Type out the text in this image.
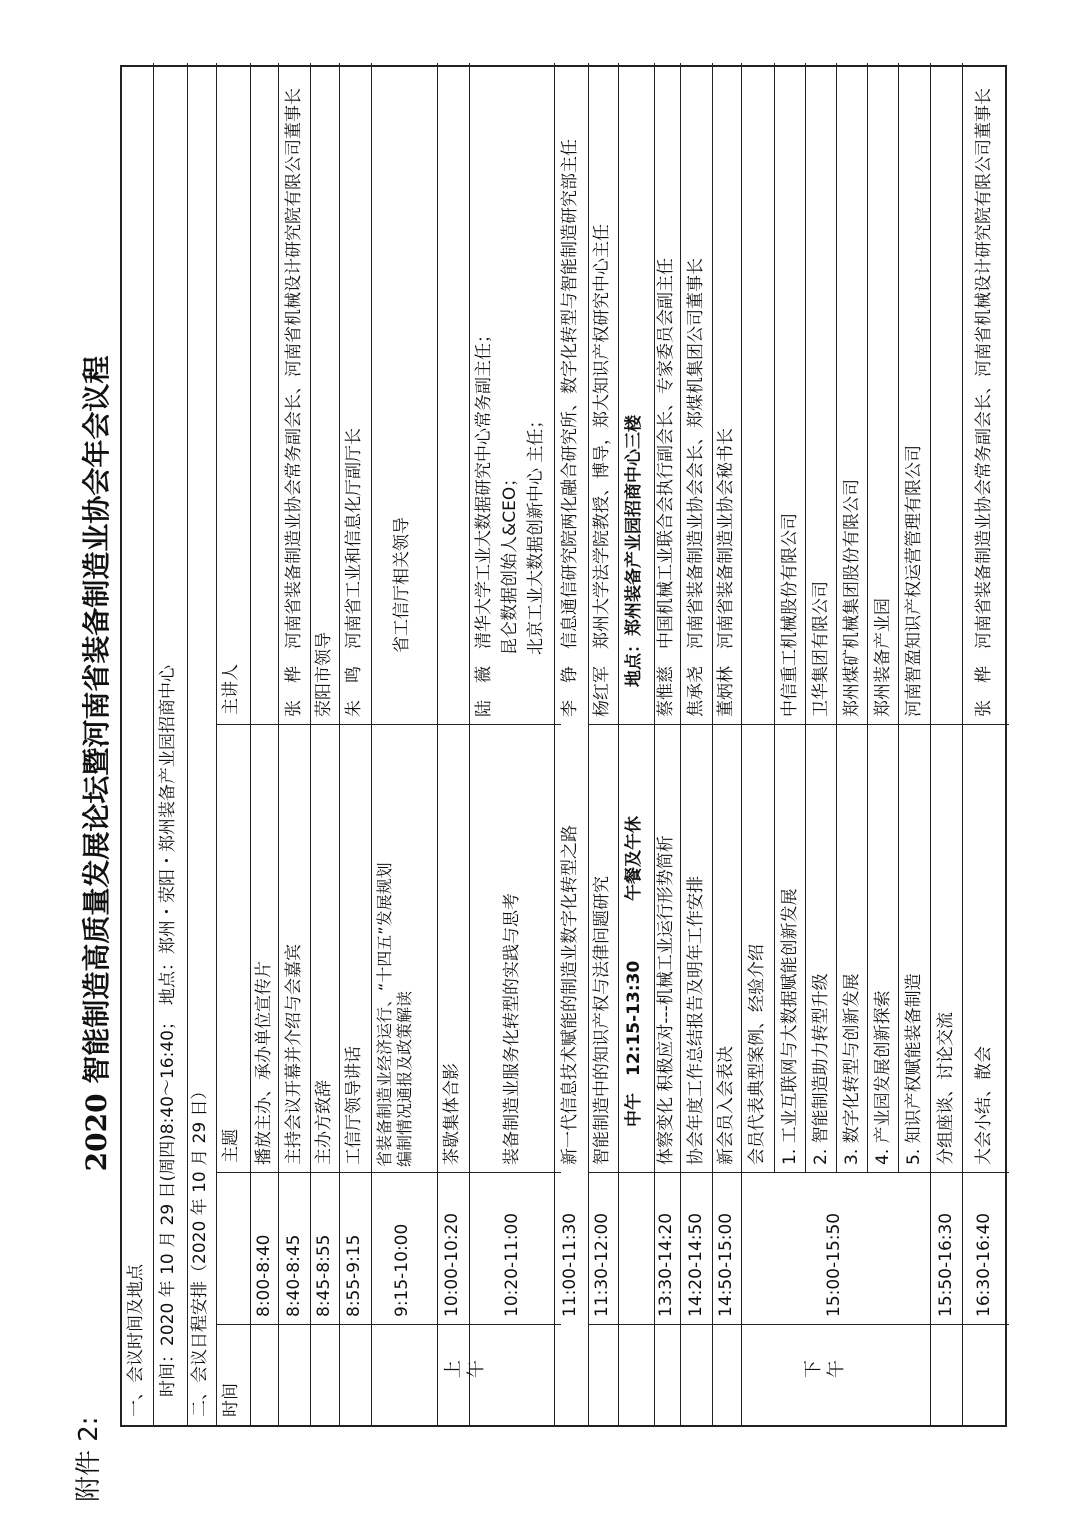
附件 2:
2020 智能制造高质量发展论坛暨河南省装备制造业协会年会议程
一、会议时间及地点 时间：2020 年 10 月 29 日(周四)8:40～16:40；
地点：郑州・荥阳・郑州装备产业园招商中心
二、会议日程安排（2020 年 10 月 29 日） 时间
主题
主讲人
上 午
8:00-8:40
播放主办、承办单位宣传片
8:40-8:45
主持会议开幕并介绍与会嘉宾
张　桦　河南省装备制造业协会常务副会长、河南省机械设计研究院有限公司董事长
8:45-8:55
主办方致辞
荥阳市领导
8:55-9:15
工信厅领导讲话
朱　鸣　河南省工业和信息化厅副厅长
9:15-10:00
省装备制造业经济运行、“十四五”发展规划 编制情况通报及政策解读
省工信厅相关领导
10:00-10:20
茶歇集体合影
10:20-11:00
装备制造业服务化转型的实践与思考
陆　薇　清华大学工业大数据研究中心常务副主任； 昆仑数据创始人&CEO； 北京工业大数据创新中心 主任；
11:00-11:30
新一代信息技术赋能的制造业数字化转型之路
李　铮　信息通信研究院两化融合研究所、数字化转型与智能制造研究部主任
11:30-12:00
智能制造中的知识产权与法律问题研究
杨红军　郑州大学法学院教授、博导，郑大知识产权研究中心主任
中午　12:15-13:30
午餐及午休
地点：郑州装备产业园招商中心三楼
下 午
13:30-14:20
体察变化 积极应对---机械工业运行形势简析
蔡惟慈　中国机械工业联合会执行副会长、专家委员会副主任
14:20-14:50
协会年度工作总结报告及明年工作安排
焦承尧　河南省装备制造业协会会长、郑煤机集团公司董事长
14:50-15:00
新会员入会表决
董炳林　河南省装备制造业协会秘书长
15:00-15:50
会员代表典型案例、经验介绍 1. 工业互联网与大数据赋能创新发展
中信重工机械股份有限公司
2. 智能制造助力转型升级
卫华集团有限公司
3. 数字化转型与创新发展
郑州煤矿机械集团股份有限公司
4. 产业园发展创新探索
郑州装备产业园
5. 知识产权赋能装备制造
河南智盈知识产权运营管理有限公司
15:50-16:30
分组座谈、讨论交流
16:30-16:40
大会小结、散会
张　桦　河南省装备制造业协会常务副会长、河南省机械设计研究院有限公司董事长
